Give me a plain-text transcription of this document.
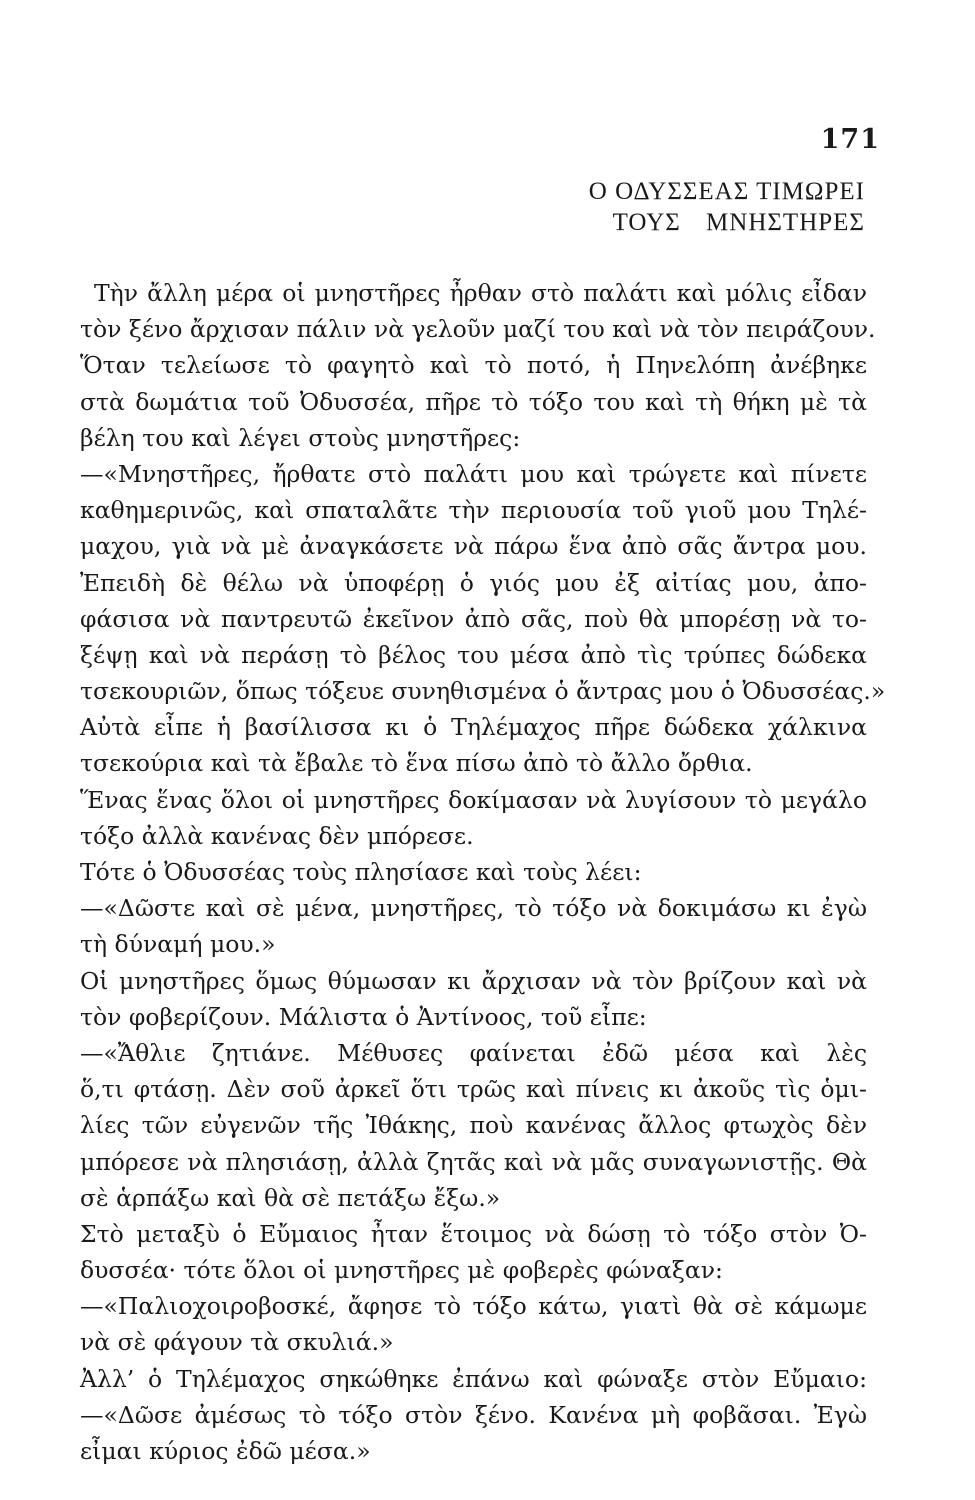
171
Ο ΟΔΥΣΣΕΑΣ ΤΙΜΩΡΕΙ
ΤΟΥΣ ΜΝΗΣΤΗΡΕΣ
Τὴν ἄλλη μέρα οἱ μνηστῆρες ἦρθαν στὸ παλάτι καὶ μόλις εἶδαν
τὸν ξένο ἄρχισαν πάλιν νὰ γελοῦν μαζί του καὶ νὰ τὸν πειράζουν.
Ὅταν τελείωσε τὸ φαγητὸ καὶ τὸ ποτό, ἡ Πηνελόπη ἀνέβηκε
στὰ δωμάτια τοῦ Ὀδυσσέα, πῆρε τὸ τόξο του καὶ τὴ θήκη μὲ τὰ
βέλη του καὶ λέγει στοὺς μνηστῆρες:
—«Μνηστῆρες, ἤρθατε στὸ παλάτι μου καὶ τρώγετε καὶ πίνετε
καθημερινῶς, καὶ σπαταλᾶτε τὴν περιουσία τοῦ γιοῦ μου Τηλέ-
μαχου, γιὰ νὰ μὲ ἀναγκάσετε νὰ πάρω ἕνα ἀπὸ σᾶς ἄντρα μου.
Ἐπειδὴ δὲ θέλω νὰ ὑποφέρῃ ὁ γιός μου ἐξ αἰτίας μου, ἀπο-
φάσισα νὰ παντρευτῶ ἐκεῖνον ἀπὸ σᾶς, ποὺ θὰ μπορέσῃ νὰ το-
ξέψῃ καὶ νὰ περάσῃ τὸ βέλος του μέσα ἀπὸ τὶς τρύπες δώδεκα
τσεκουριῶν, ὅπως τόξευε συνηθισμένα ὁ ἄντρας μου ὁ Ὀδυσσέας.»
Αὐτὰ εἶπε ἡ βασίλισσα κι ὁ Τηλέμαχος πῆρε δώδεκα χάλκινα
τσεκούρια καὶ τὰ ἔβαλε τὸ ἕνα πίσω ἀπὸ τὸ ἄλλο ὄρθια.
Ἕνας ἕνας ὅλοι οἱ μνηστῆρες δοκίμασαν νὰ λυγίσουν τὸ μεγάλο
τόξο ἀλλὰ κανένας δὲν μπόρεσε.
Τότε ὁ Ὀδυσσέας τοὺς πλησίασε καὶ τοὺς λέει:
—«Δῶστε καὶ σὲ μένα, μνηστῆρες, τὸ τόξο νὰ δοκιμάσω κι ἐγὼ
τὴ δύναμή μου.»
Οἱ μνηστῆρες ὅμως θύμωσαν κι ἄρχισαν νὰ τὸν βρίζουν καὶ νὰ
τὸν φοβερίζουν. Μάλιστα ὁ Ἀντίνοος, τοῦ εἶπε:
—«Ἄθλιε ζητιάνε. Μέθυσες φαίνεται ἐδῶ μέσα καὶ λὲς
ὅ,τι φτάσῃ. Δὲν σοῦ ἀρκεῖ ὅτι τρῶς καὶ πίνεις κι ἀκοῦς τὶς ὁμι-
λίες τῶν εὐγενῶν τῆς Ἰθάκης, ποὺ κανένας ἄλλος φτωχὸς δὲν
μπόρεσε νὰ πλησιάσῃ, ἀλλὰ ζητᾶς καὶ νὰ μᾶς συναγωνιστῇς. Θὰ
σὲ ἁρπάξω καὶ θὰ σὲ πετάξω ἔξω.»
Στὸ μεταξὺ ὁ Εὔμαιος ἦταν ἕτοιμος νὰ δώσῃ τὸ τόξο στὸν Ὀ-
δυσσέα· τότε ὅλοι οἱ μνηστῆρες μὲ φοβερὲς φώναξαν:
—«Παλιοχοιροβοσκέ, ἄφησε τὸ τόξο κάτω, γιατὶ θὰ σὲ κάμωμε
νὰ σὲ φάγουν τὰ σκυλιά.»
Ἀλλ’ ὁ Τηλέμαχος σηκώθηκε ἐπάνω καὶ φώναξε στὸν Εὔμαιο:
—«Δῶσε ἀμέσως τὸ τόξο στὸν ξένο. Κανένα μὴ φοβᾶσαι. Ἐγὼ
εἶμαι κύριος ἐδῶ μέσα.»
